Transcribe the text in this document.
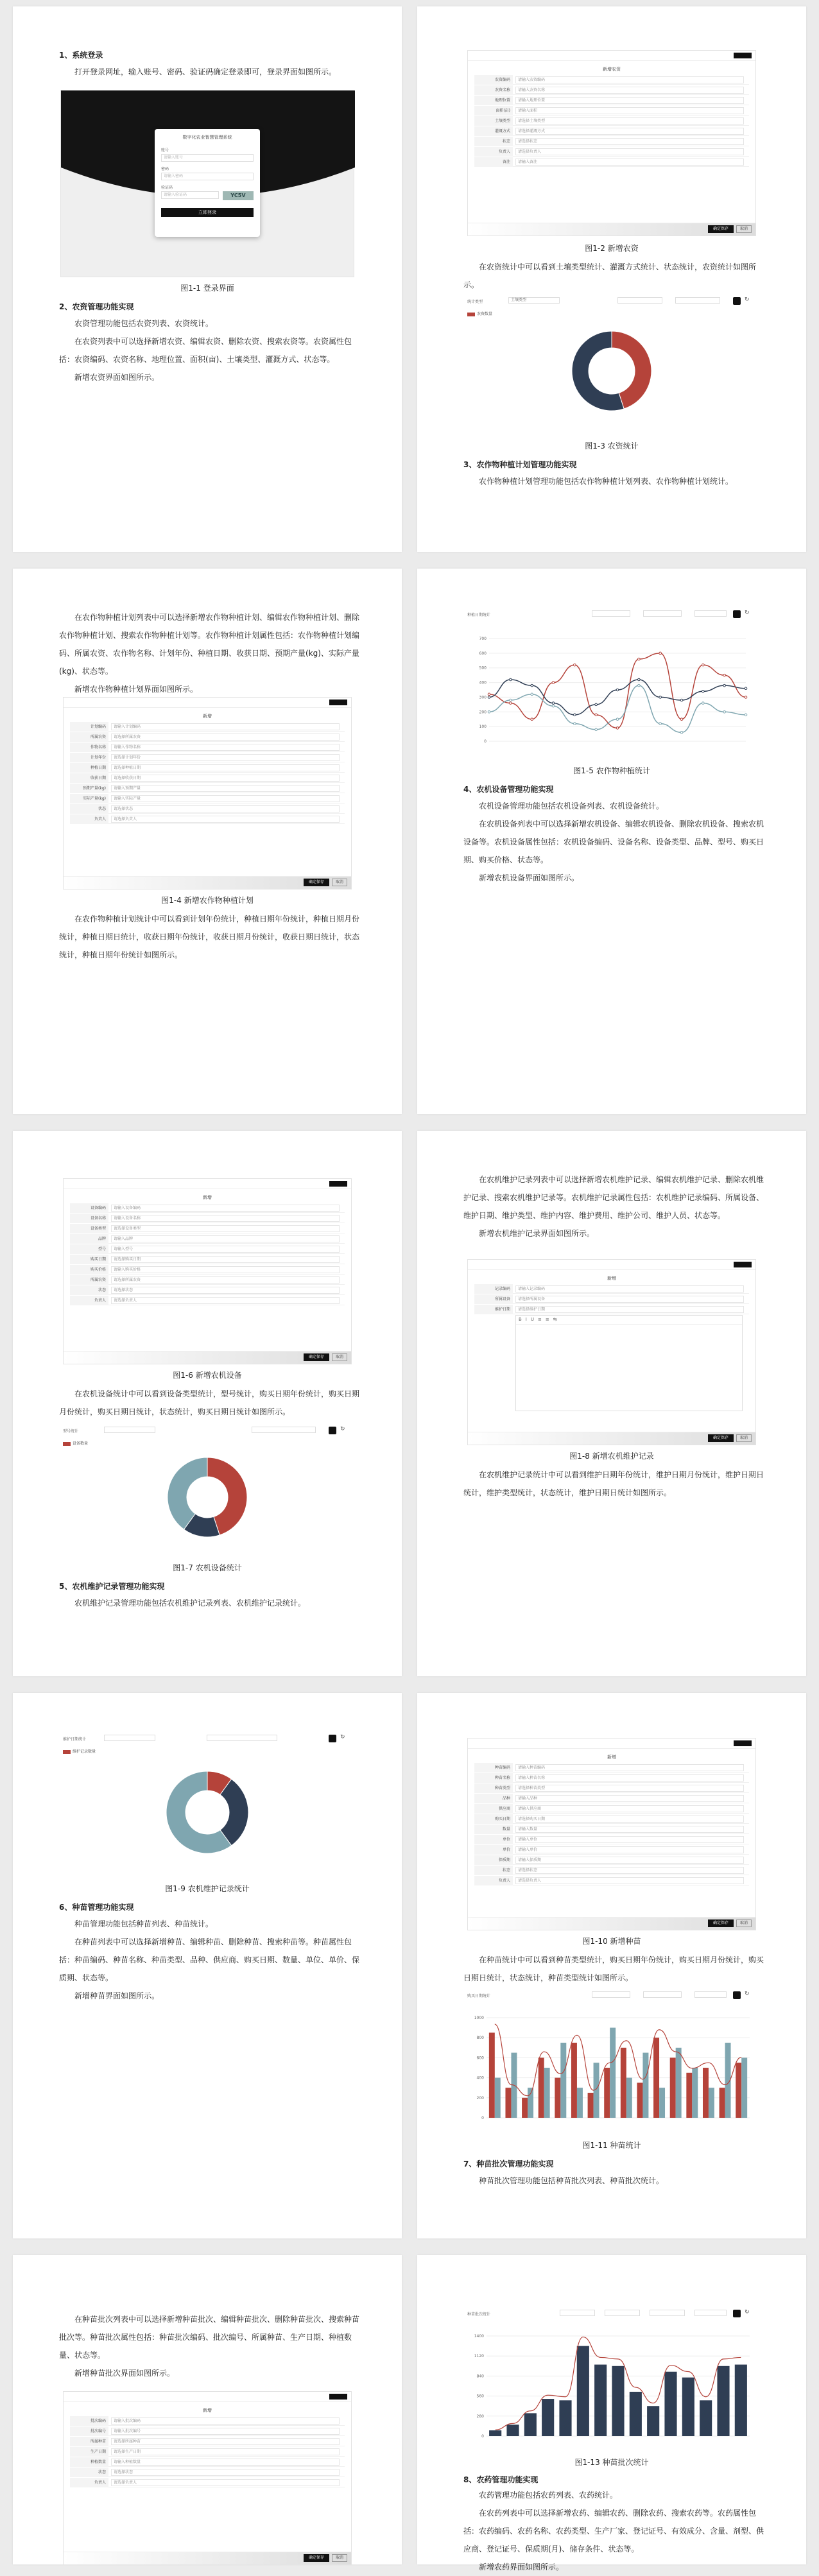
1、系统登录
打开登录网址，输入账号、密码、验证码确定登录即可，登录界面如图所示。
数字化农业智慧管理系统
账号
请输入账号
密码
请输入密码
验证码
请输入验证码	YC5V
立即登录
图1-1 登录界面
2、农资管理功能实现

农资管理功能包括农资列表、农资统计。

在农资列表中可以选择新增农资、编辑农资、删除农资、搜索农资等。农资属性包括：农资编码、农资名称、地理位置、面积(亩)、土壤类型、灌溉方式、状态等。

新增农资界面如图所示。

新增农资
农资编码	请输入农资编码
农资名称	请输入农资名称
地理位置	请输入地理位置
面积(亩)	请输入面积
土壤类型	请选择土壤类型
灌溉方式	请选择灌溉方式
状态	请选择状态
负责人	请选择负责人
备注	请输入备注
确定保存	取消
图1-2 新增农资
在农资统计中可以看到土壤类型统计、灌溉方式统计、状态统计，农资统计如图所示。
统计类型	土壤类型	↻
农资数量
图1-3 农资统计
3、农作物种植计划管理功能实现
农作物种植计划管理功能包括农作物种植计划列表、农作物种植计划统计。

在农作物种植计划列表中可以选择新增农作物种植计划、编辑农作物种植计划、删除农作物种植计划、搜索农作物种植计划等。农作物种植计划属性包括：农作物种植计划编码、所属农资、农作物名称、计划年份、种植日期、收获日期、预期产量(kg)、实际产量(kg)、状态等。

新增农作物种植计划界面如图所示。

新增
计划编码	请输入计划编码
所属农资	请选择所属农资
作物名称	请输入作物名称
计划年份	请选择计划年份
种植日期	请选择种植日期
收获日期	请选择收获日期
预期产量(kg)	请输入预期产量
实际产量(kg)	请输入实际产量
状态	请选择状态
负责人	请选择负责人
确定保存	取消
图1-4 新增农作物种植计划
在农作物种植计划统计中可以看到计划年份统计，种植日期年份统计，种植日期月份统计，种植日期日统计，收获日期年份统计，收获日期月份统计，收获日期日统计，状态统计，种植日期年份统计如图所示。
种植日期统计	↻
0
100
200
300
400
500
600
700
图1-5 农作物种植统计
4、农机设备管理功能实现

农机设备管理功能包括农机设备列表、农机设备统计。

在农机设备列表中可以选择新增农机设备、编辑农机设备、删除农机设备、搜索农机设备等。农机设备属性包括：农机设备编码、设备名称、设备类型、品牌、型号、购买日期、购买价格、状态等。

新增农机设备界面如图所示。

新增
设备编码	请输入设备编码
设备名称	请输入设备名称
设备类型	请选择设备类型
品牌	请输入品牌
型号	请输入型号
购买日期	请选择购买日期
购买价格	请输入购买价格
所属农资	请选择所属农资
状态	请选择状态
负责人	请选择负责人
确定保存	取消
图1-6 新增农机设备
在农机设备统计中可以看到设备类型统计，型号统计，购买日期年份统计，购买日期月份统计，购买日期日统计，状态统计，购买日期日统计如图所示。
型号统计	↻
设备数量
图1-7 农机设备统计
5、农机维护记录管理功能实现
农机维护记录管理功能包括农机维护记录列表、农机维护记录统计。

在农机维护记录列表中可以选择新增农机维护记录、编辑农机维护记录、删除农机维护记录、搜索农机维护记录等。农机维护记录属性包括：农机维护记录编码、所属设备、维护日期、维护类型、维护内容、维护费用、维护公司、维护人员、状态等。

新增农机维护记录界面如图所示。

新增
记录编码	请输入记录编码
所属设备	请选择所属设备
维护日期	请选择维护日期
BIU≡≡⇆
确定保存	取消
图1-8 新增农机维护记录
在农机维护记录统计中可以看到维护日期年份统计，维护日期月份统计，维护日期日统计，维护类型统计，状态统计，维护日期日统计如图所示。
维护日期统计	↻
维护记录数量
图1-9 农机维护记录统计
6、种苗管理功能实现

种苗管理功能包括种苗列表、种苗统计。

在种苗列表中可以选择新增种苗、编辑种苗、删除种苗、搜索种苗等。种苗属性包括：种苗编码、种苗名称、种苗类型、品种、供应商、购买日期、数量、单位、单价、保质期、状态等。

新增种苗界面如图所示。

新增
种苗编码	请输入种苗编码
种苗名称	请输入种苗名称
种苗类型	请选择种苗类型
品种	请输入品种
供应商	请输入供应商
购买日期	请选择购买日期
数量	请输入数量
单位	请输入单位
单价	请输入单价
保质期	请输入保质期
状态	请选择状态
负责人	请选择负责人
确定保存	取消
图1-10 新增种苗
在种苗统计中可以看到种苗类型统计，购买日期年份统计，购买日期月份统计，购买日期日统计，状态统计，种苗类型统计如图所示。
购买日期统计	↻
0
200
400
600
800
1000
图1-11 种苗统计
7、种苗批次管理功能实现
种苗批次管理功能包括种苗批次列表、种苗批次统计。

在种苗批次列表中可以选择新增种苗批次、编辑种苗批次、删除种苗批次、搜索种苗批次等。种苗批次属性包括：种苗批次编码、批次编号、所属种苗、生产日期、种植数量、状态等。

新增种苗批次界面如图所示。

新增
批次编码	请输入批次编码
批次编号	请输入批次编号
所属种苗	请选择所属种苗
生产日期	请选择生产日期
种植数量	请输入种植数量
状态	请选择状态
负责人	请选择负责人
确定保存	取消
种苗批次统计	↻
0
280
560
840
1120
1400
图1-13 种苗批次统计
8、农药管理功能实现

农药管理功能包括农药列表、农药统计。

在农药列表中可以选择新增农药、编辑农药、删除农药、搜索农药等。农药属性包括：农药编码、农药名称、农药类型、生产厂家、登记证号、有效成分、含量、剂型、供应商、登记证号、保质期(月)、储存条件、状态等。

新增农药界面如图所示。
